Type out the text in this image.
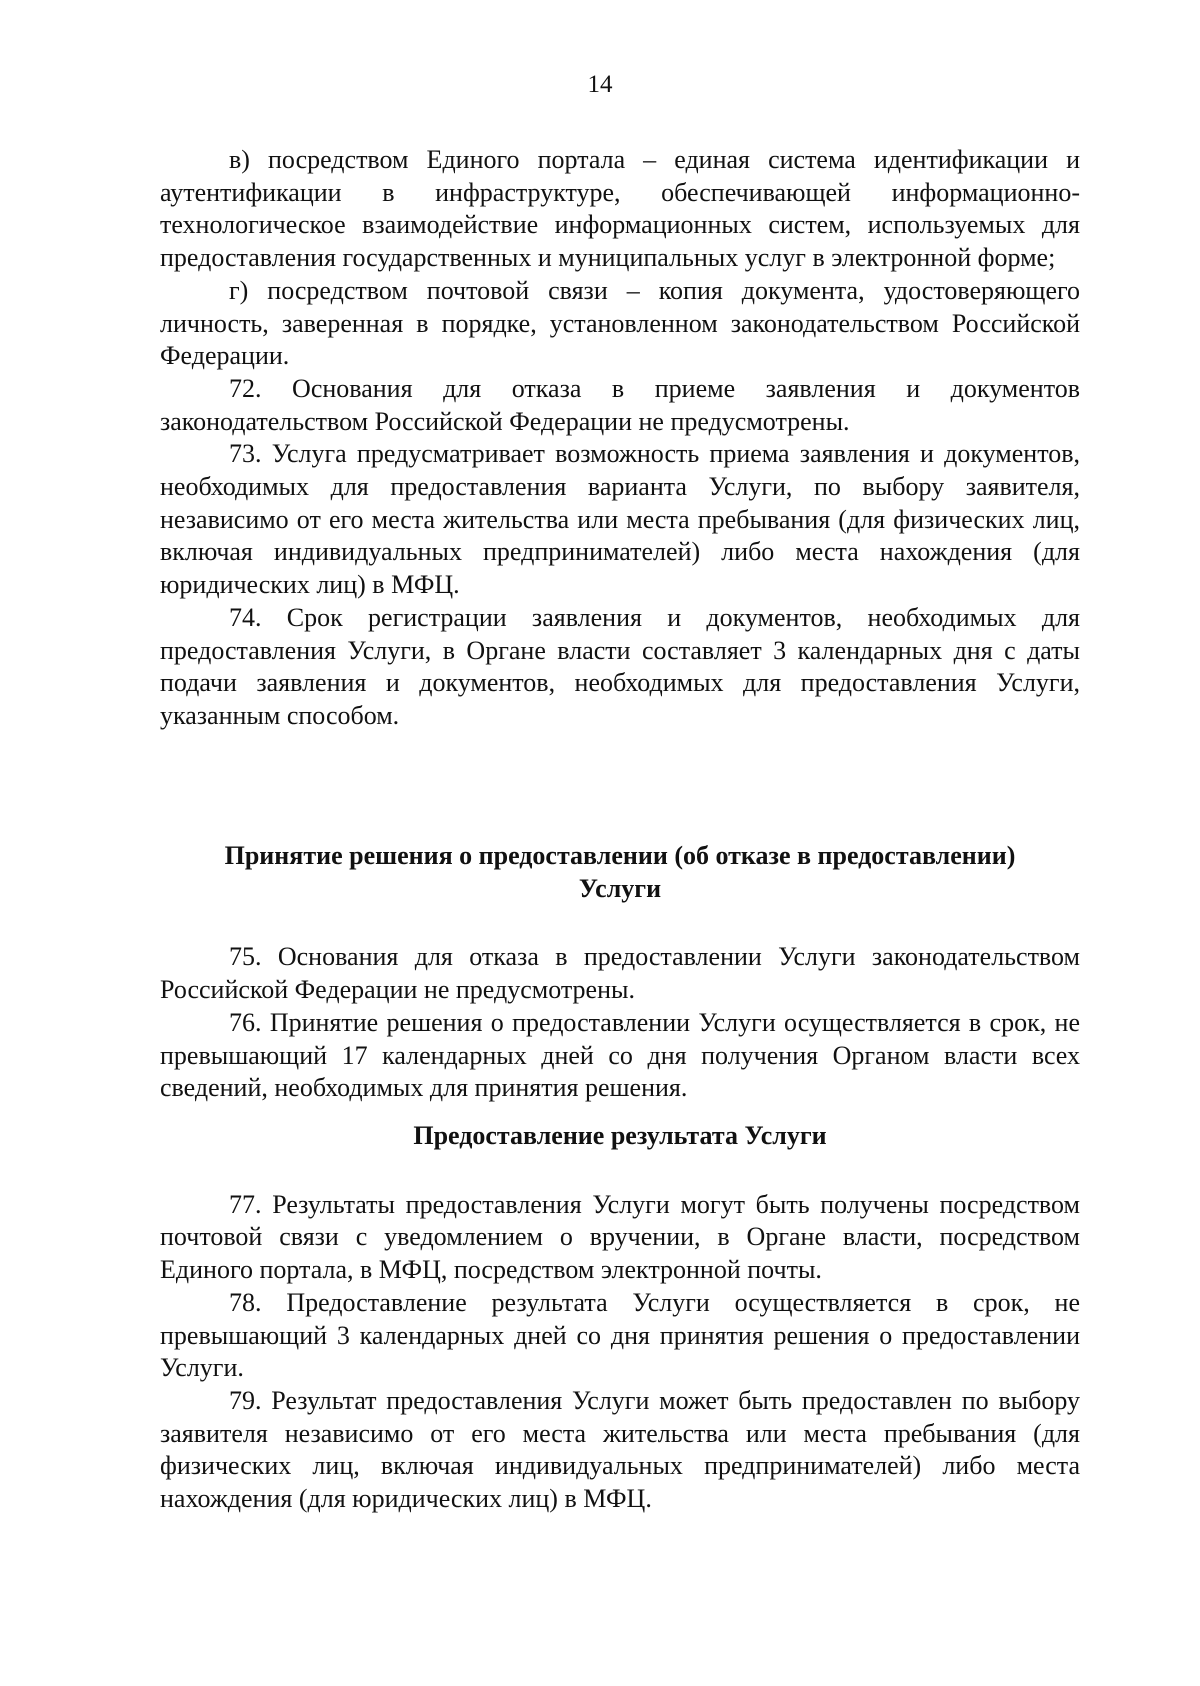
14

в) посредством Единого портала – единая система идентификации и аутентификации в инфраструктуре, обеспечивающей информационно-технологическое взаимодействие информационных систем, используемых для предоставления государственных и муниципальных услуг в электронной форме;

г) посредством почтовой связи – копия документа, удостоверяющего личность, заверенная в порядке, установленном законодательством Российской Федерации.

72. Основания для отказа в приеме заявления и документов законодательством Российской Федерации не предусмотрены.

73. Услуга предусматривает возможность приема заявления и документов, необходимых для предоставления варианта Услуги, по выбору заявителя, независимо от его места жительства или места пребывания (для физических лиц, включая индивидуальных предпринимателей) либо места нахождения (для юридических лиц) в МФЦ.

74. Срок регистрации заявления и документов, необходимых для предоставления Услуги, в Органе власти составляет 3 календарных дня с даты подачи заявления и документов, необходимых для предоставления Услуги, указанным способом.

Принятие решения о предоставлении (об отказе в предоставлении)
Услуги

75. Основания для отказа в предоставлении Услуги законодательством Российской Федерации не предусмотрены.

76. Принятие решения о предоставлении Услуги осуществляется в срок, не превышающий 17 календарных дней со дня получения Органом власти всех сведений, необходимых для принятия решения.

Предоставление результата Услуги

77. Результаты предоставления Услуги могут быть получены посредством почтовой связи с уведомлением о вручении, в Органе власти, посредством Единого портала, в МФЦ, посредством электронной почты.

78. Предоставление результата Услуги осуществляется в срок, не превышающий 3 календарных дней со дня принятия решения о предоставлении Услуги.

79. Результат предоставления Услуги может быть предоставлен по выбору заявителя независимо от его места жительства или места пребывания (для физических лиц, включая индивидуальных предпринимателей) либо места нахождения (для юридических лиц) в МФЦ.
